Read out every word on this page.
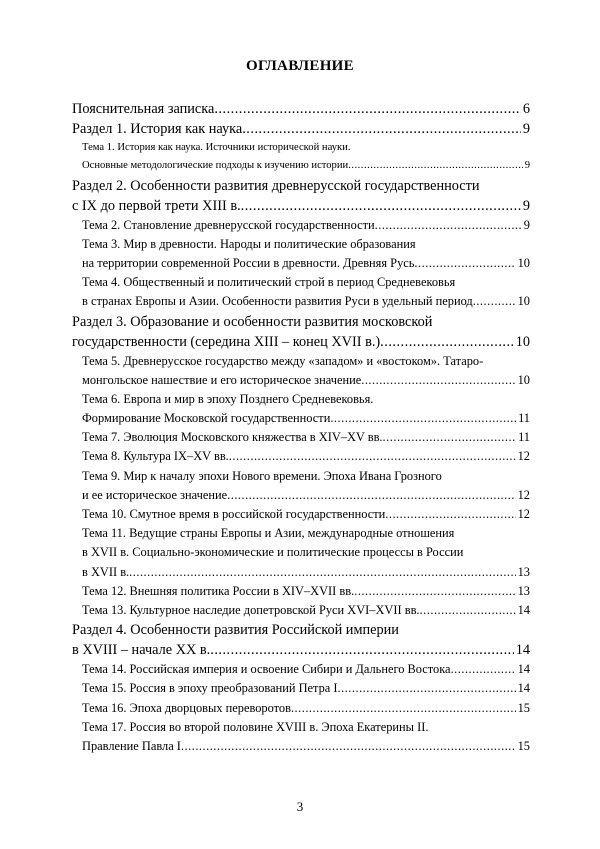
ОГЛАВЛЕНИЕ
Пояснительная записка .....	6
Раздел 1. История как наука .....	9
Тема 1. История как наука. Источники исторической науки.
Основные методологические подходы к изучению истории .....	9
Раздел 2. Особенности развития древнерусской государственности
с IX до первой трети XIII в. .....	9
Тема 2. Становление древнерусской государственности .....	9
Тема 3. Мир в древности. Народы и политические образования
на территории современной России в древности. Древняя Русь .....	10
Тема 4. Общественный и политический строй в период Средневековья
в странах Европы и Азии. Особенности развития Руси в удельный период .....	10
Раздел 3. Образование и особенности развития московской
государственности (середина XIII – конец XVII в.) .....	10
Тема 5. Древнерусское государство между «западом» и «востоком». Татаро-
монгольское нашествие и его историческое значение .....	10
Тема 6. Европа и мир в эпоху Позднего Средневековья.
Формирование Московской государственности .....	11
Тема 7. Эволюция Московского княжества в XIV–XV вв. .....	11
Тема 8. Культура IX–XV вв. .....	12
Тема 9. Мир к началу эпохи Нового времени. Эпоха Ивана Грозного
и ее историческое значение .....	12
Тема 10. Смутное время в российской государственности .....	12
Тема 11. Ведущие страны Европы и Азии, международные отношения
в XVII в. Социально-экономические и политические процессы в России
в XVII в. .....	13
Тема 12. Внешняя политика России в XIV–XVII вв. .....	13
Тема 13. Культурное наследие допетровской Руси XVI–XVII вв. .....	14
Раздел 4. Особенности развития Российской империи
в XVIII – начале XX в. .....	14
Тема 14. Российская империя и освоение Сибири и Дальнего Востока .....	14
Тема 15. Россия в эпоху преобразований Петра I .....	14
Тема 16. Эпоха дворцовых переворотов .....	15
Тема 17. Россия во второй половине XVIII в. Эпоха Екатерины II.
Правление Павла I .....	15
3
